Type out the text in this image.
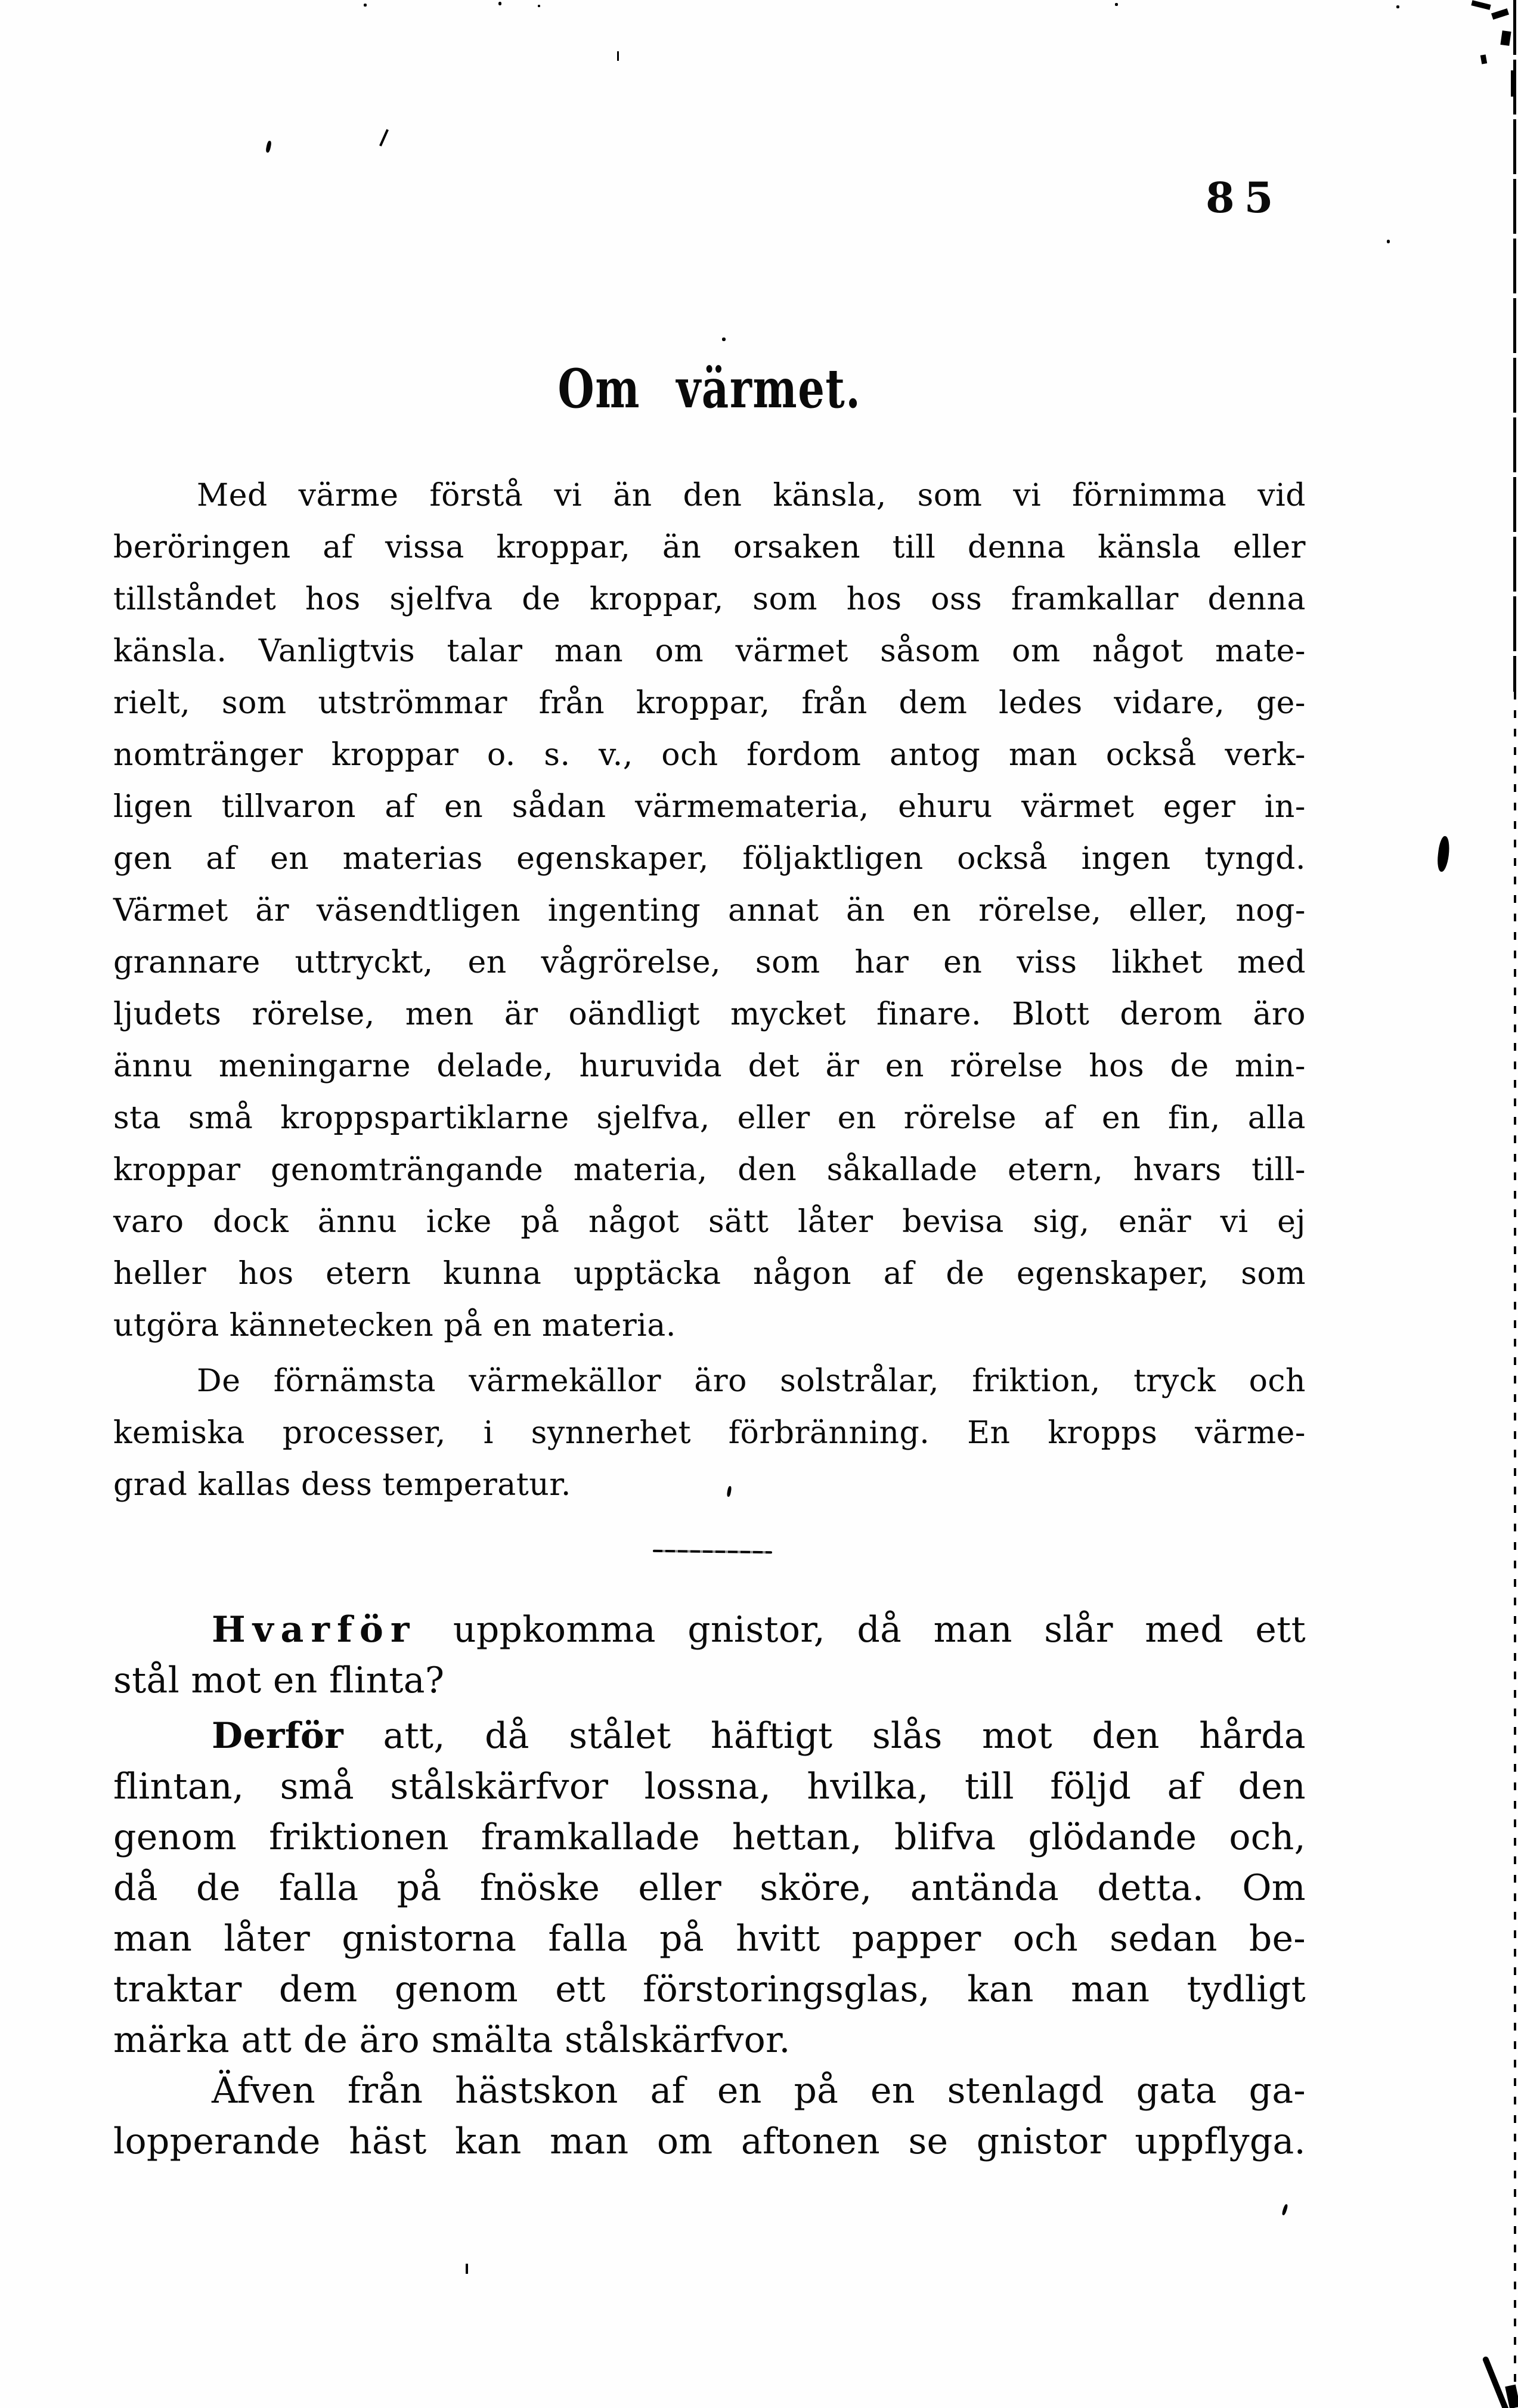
85
Om värmet.
Med värme förstå vi än den känsla, som vi förnimma vid
beröringen af vissa kroppar, än orsaken till denna känsla eller
tillståndet hos sjelfva de kroppar, som hos oss framkallar denna
känsla. Vanligtvis talar man om värmet såsom om något mate-
rielt, som utströmmar från kroppar, från dem ledes vidare, ge-
nomtränger kroppar o. s. v., och fordom antog man också verk-
ligen tillvaron af en sådan värmemateria, ehuru värmet eger in-
gen af en materias egenskaper, följaktligen också ingen tyngd.
Värmet är väsendtligen ingenting annat än en rörelse, eller, nog-
grannare uttryckt, en vågrörelse, som har en viss likhet med
ljudets rörelse, men är oändligt mycket finare. Blott derom äro
ännu meningarne delade, huruvida det är en rörelse hos de min-
sta små kroppspartiklarne sjelfva, eller en rörelse af en fin, alla
kroppar genomträngande materia, den såkallade etern, hvars till-
varo dock ännu icke på något sätt låter bevisa sig, enär vi ej
heller hos etern kunna upptäcka någon af de egenskaper, som
utgöra kännetecken på en materia.
De förnämsta värmekällor äro solstrålar, friktion, tryck och
kemiska processer, i synnerhet förbränning. En kropps värme-
grad kallas dess temperatur.
Hvarför uppkomma gnistor, då man slår med ett
stål mot en flinta?
Derför att, då stålet häftigt slås mot den hårda
flintan, små stålskärfvor lossna, hvilka, till följd af den
genom friktionen framkallade hettan, blifva glödande och,
då de falla på fnöske eller sköre, antända detta. Om
man låter gnistorna falla på hvitt papper och sedan be-
traktar dem genom ett förstoringsglas, kan man tydligt
märka att de äro smälta stålskärfvor.
Äfven från hästskon af en på en stenlagd gata ga-
lopperande häst kan man om aftonen se gnistor uppflyga.
